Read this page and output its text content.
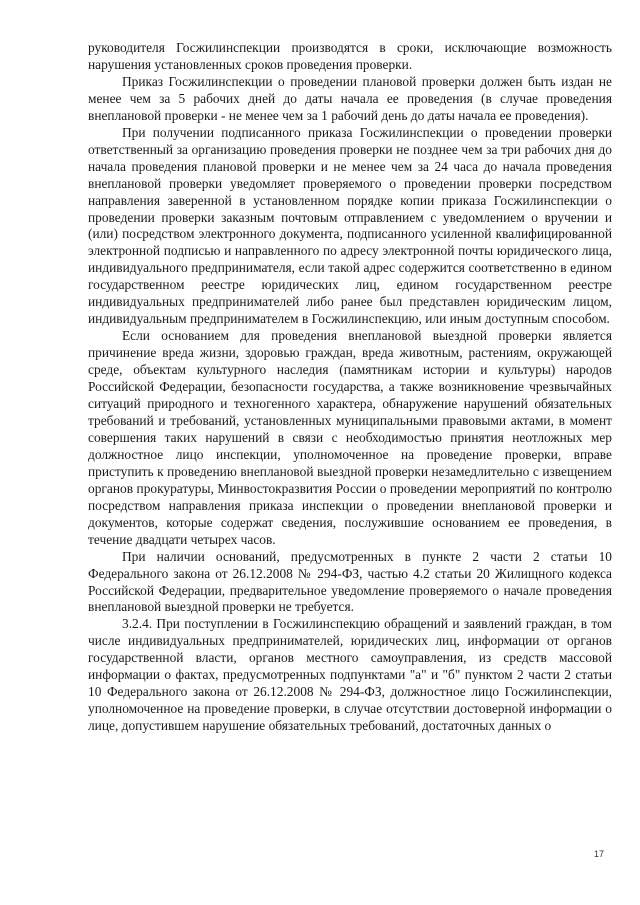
руководителя Госжилинспекции производятся в сроки, исключающие возможность нарушения установленных сроков проведения проверки.

Приказ Госжилинспекции о проведении плановой проверки должен быть издан не менее чем за 5 рабочих дней до даты начала ее проведения (в случае проведения внеплановой проверки - не менее чем за 1 рабочий день до даты начала ее проведения).

При получении подписанного приказа Госжилинспекции о проведении проверки ответственный за организацию проведения проверки не позднее чем за три рабочих дня до начала проведения плановой проверки и не менее чем за 24 часа до начала проведения внеплановой проверки уведомляет проверяемого о проведении проверки посредством направления заверенной в установленном порядке копии приказа Госжилинспекции о проведении проверки заказным почтовым отправлением с уведомлением о вручении и (или) посредством электронного документа, подписанного усиленной квалифицированной электронной подписью и направленного по адресу электронной почты юридического лица, индивидуального предпринимателя, если такой адрес содержится соответственно в едином государственном реестре юридических лиц, едином государственном реестре индивидуальных предпринимателей либо ранее был представлен юридическим лицом, индивидуальным предпринимателем в Госжилинспекцию, или иным доступным способом.

Если основанием для проведения внеплановой выездной проверки является причинение вреда жизни, здоровью граждан, вреда животным, растениям, окружающей среде, объектам культурного наследия (памятникам истории и культуры) народов Российской Федерации, безопасности государства, а также возникновение чрезвычайных ситуаций природного и техногенного характера, обнаружение нарушений обязательных требований и требований, установленных муниципальными правовыми актами, в момент совершения таких нарушений в связи с необходимостью принятия неотложных мер должностное лицо инспекции, уполномоченное на проведение проверки, вправе приступить к проведению внеплановой выездной проверки незамедлительно с извещением органов прокуратуры, Минвостокразвития России о проведении мероприятий по контролю посредством направления приказа инспекции о проведении внеплановой проверки и документов, которые содержат сведения, послужившие основанием ее проведения, в течение двадцати четырех часов.

При наличии оснований, предусмотренных в пункте 2 части 2 статьи 10 Федерального закона от 26.12.2008 № 294-ФЗ, частью 4.2 статьи 20 Жилищного кодекса Российской Федерации, предварительное уведомление проверяемого о начале проведения внеплановой выездной проверки не требуется.

3.2.4. При поступлении в Госжилинспекцию обращений и заявлений граждан, в том числе индивидуальных предпринимателей, юридических лиц, информации от органов государственной власти, органов местного самоуправления, из средств массовой информации о фактах, предусмотренных подпунктами "а" и "б" пунктом 2 части 2 статьи 10 Федерального закона от 26.12.2008 № 294-ФЗ, должностное лицо Госжилинспекции, уполномоченное на проведение проверки, в случае отсутствии достоверной информации о лице, допустившем нарушение обязательных требований, достаточных данных о

17
